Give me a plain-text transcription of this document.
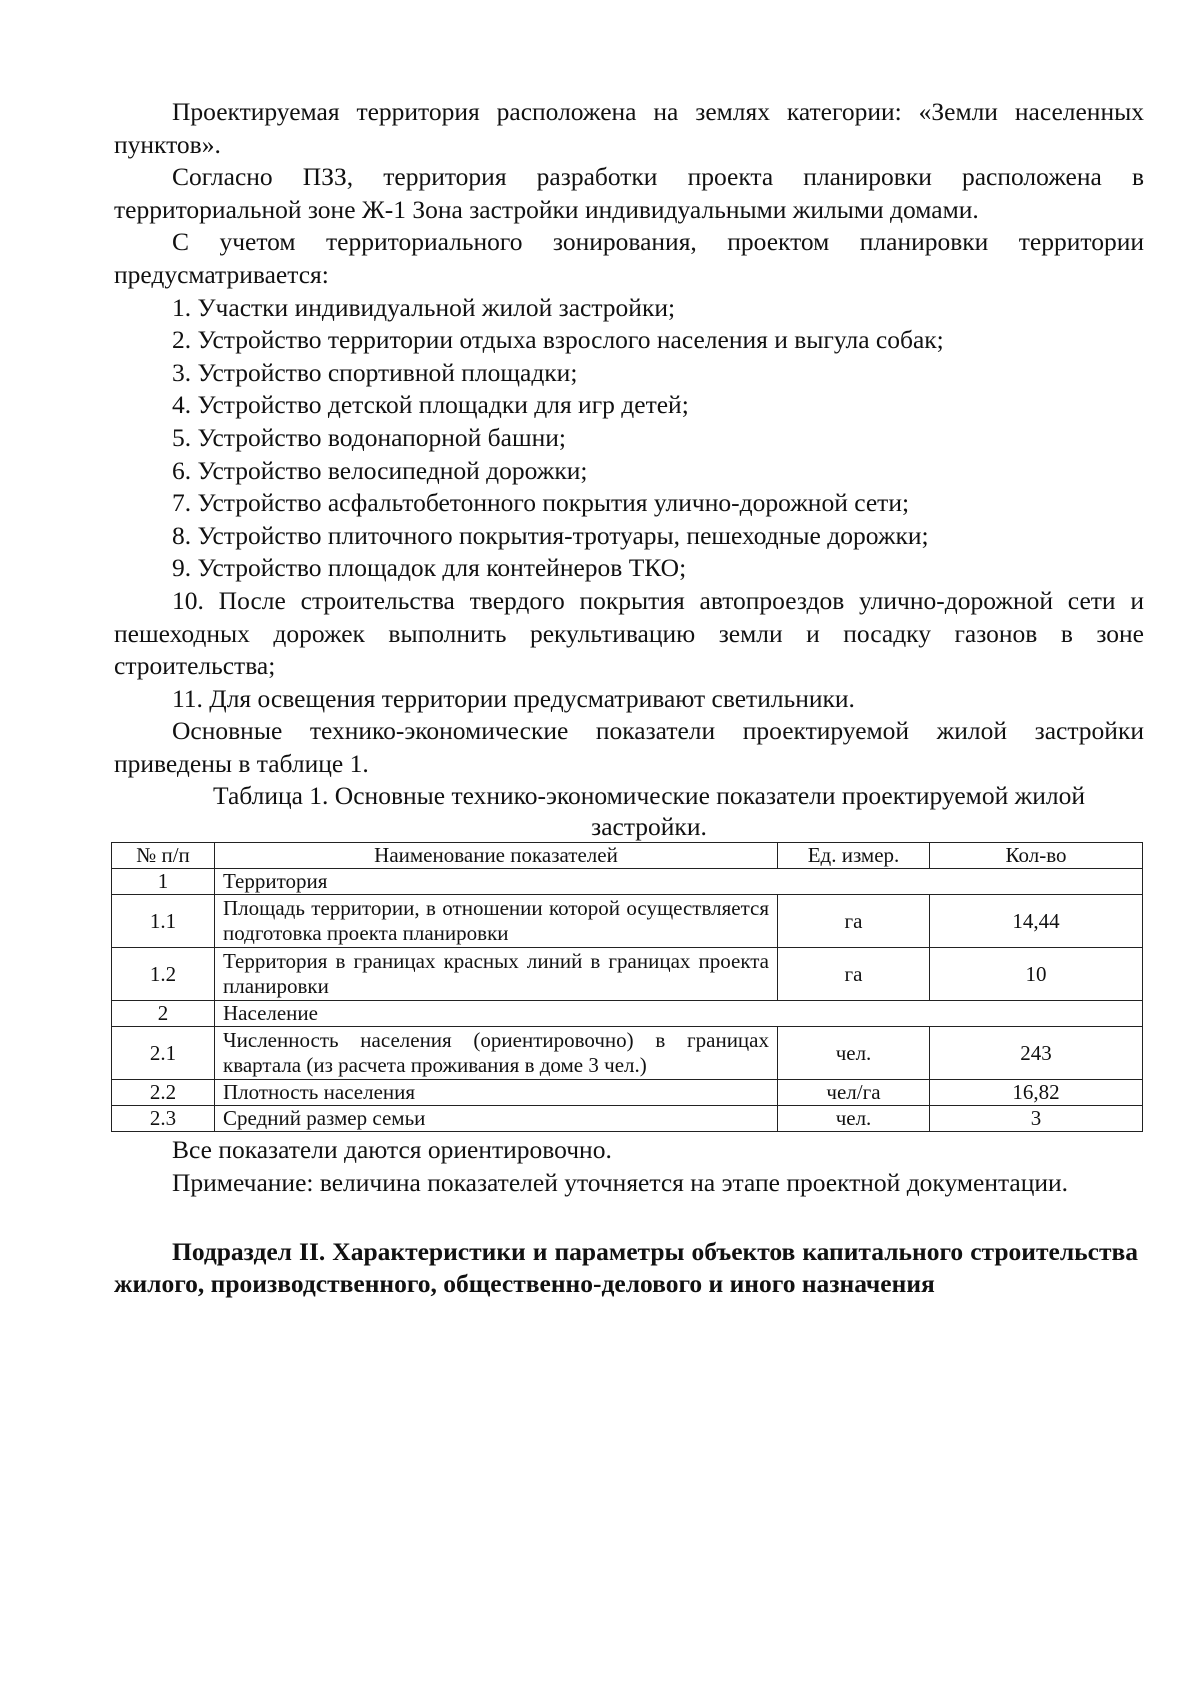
Проектируемая территория расположена на землях категории: «Земли населенных пунктов».

Согласно ПЗЗ, территория разработки проекта планировки расположена в территориальной зоне Ж-1 Зона застройки индивидуальными жилыми домами.

С учетом территориального зонирования, проектом планировки территории предусматривается:

1. Участки индивидуальной жилой застройки;

2. Устройство территории отдыха взрослого населения и выгула собак;

3. Устройство спортивной площадки;

4. Устройство детской площадки для игр детей;

5. Устройство водонапорной башни;

6. Устройство велосипедной дорожки;

7. Устройство асфальтобетонного покрытия улично-дорожной сети;

8. Устройство плиточного покрытия-тротуары, пешеходные дорожки;

9. Устройство площадок для контейнеров ТКО;

10. После строительства твердого покрытия автопроездов улично-дорожной сети и пешеходных дорожек выполнить рекультивацию земли и посадку газонов в зоне строительства;

11. Для освещения территории предусматривают светильники.

Основные технико-экономические показатели проектируемой жилой застройки приведены в таблице 1.

Таблица 1. Основные технико-экономические показатели проектируемой жилой застройки.

№ п/п	Наименование показателей	Ед. измер.	Кол-во
1	Территория		
1.1	Площадь территории, в отношении которой осуществляется подготовка проекта планировки	га	14,44
1.2	Территория в границах красных линий в границах проекта планировки	га	10
2	Население		
2.1	Численность населения (ориентировочно) в границах квартала (из расчета проживания в доме 3 чел.)	чел.	243
2.2	Плотность населения	чел/га	16,82
2.3	Средний размер семьи	чел.	3

Все показатели даются ориентировочно.

Примечание: величина показателей уточняется на этапе проектной документации.

Подраздел II. Характеристики и параметры объектов капитального строительства жилого, производственного, общественно-делового и иного назначения
